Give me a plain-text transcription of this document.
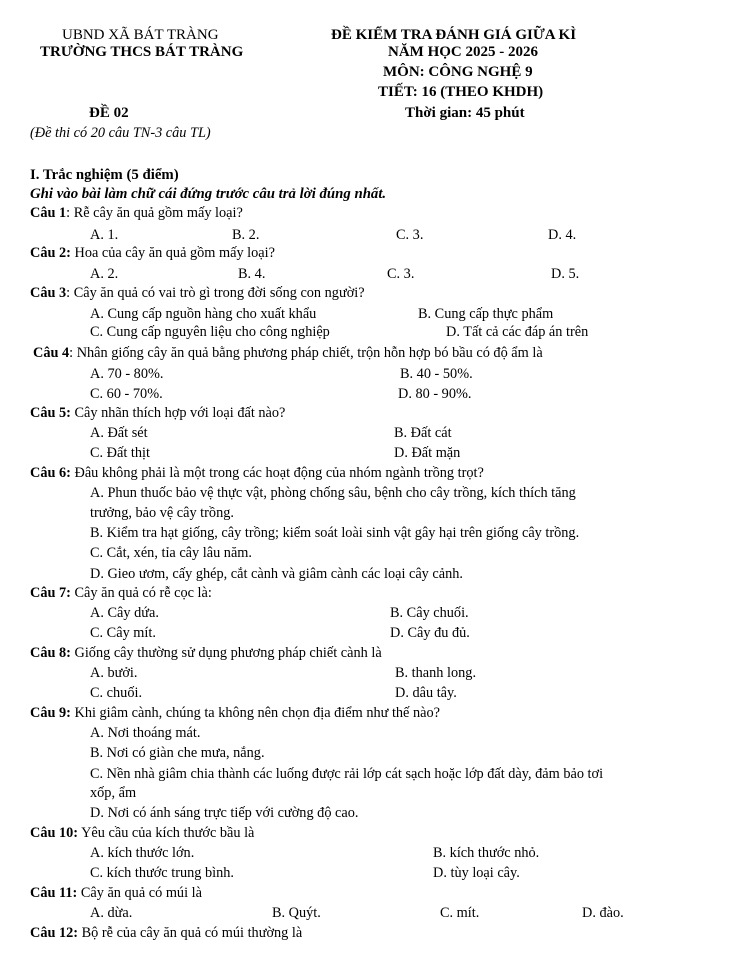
UBND XÃ BÁT TRÀNG
TRƯỜNG THCS BÁT TRÀNG
ĐỀ KIỂM TRA ĐÁNH GIÁ GIỮA KÌ
NĂM HỌC 2025 - 2026
MÔN: CÔNG NGHỆ 9
TIẾT: 16 (THEO KHDH)
ĐỀ 02	Thời gian: 45 phút
(Đề thi có 20 câu TN-3 câu TL)
I. Trắc nghiệm (5 điểm)
Ghi vào bài làm chữ cái đứng trước câu trả lời đúng nhất.
Câu 1: Rễ cây ăn quả gồm mấy loại?
A. 1.	B. 2.	C. 3.	D. 4.
Câu 2: Hoa của cây ăn quả gồm mấy loại?
A. 2.	B. 4.	C. 3.	D. 5.
Câu 3: Cây ăn quả có vai trò gì trong đời sống con người?
A. Cung cấp nguồn hàng cho xuất khẩu	B. Cung cấp thực phẩm
C. Cung cấp nguyên liệu cho công nghiệp	D. Tất cả các đáp án trên
Câu 4: Nhân giống cây ăn quả bằng phương pháp chiết, trộn hỗn hợp bó bầu có độ ẩm là
A. 70 - 80%.	B. 40 - 50%.
C. 60 - 70%.	D. 80 - 90%.
Câu 5: Cây nhãn thích hợp với loại đất nào?
A. Đất sét	B. Đất cát
C. Đất thịt	D. Đất mặn
Câu 6: Đâu không phải là một trong các hoạt động của nhóm ngành trồng trọt?
A. Phun thuốc bảo vệ thực vật, phòng chống sâu, bệnh cho cây trồng, kích thích tăng
trưởng, bảo vệ cây trồng.
B. Kiểm tra hạt giống, cây trồng; kiểm soát loài sinh vật gây hại trên giống cây trồng.
C. Cắt, xén, tỉa cây lâu năm.
D. Gieo ươm, cấy ghép, cắt cành và giâm cành các loại cây cảnh.
Câu 7: Cây ăn quả có rễ cọc là:
A. Cây dứa.	B. Cây chuối.
C. Cây mít.	D. Cây đu đủ.
Câu 8: Giống cây thường sử dụng phương pháp chiết cành là
A. bưởi.	B. thanh long.
C. chuối.	D. dâu tây.
Câu 9: Khi giâm cành, chúng ta không nên chọn địa điểm như thế nào?
A. Nơi thoáng mát.
B. Nơi có giàn che mưa, nắng.
C. Nền nhà giâm chia thành các luống được rải lớp cát sạch hoặc lớp đất dày, đảm bảo tơi
xốp, ẩm
D. Nơi có ánh sáng trực tiếp với cường độ cao.
Câu 10: Yêu cầu của kích thước bầu là
A. kích thước lớn.	B. kích thước nhỏ.
C. kích thước trung bình.	D. tùy loại cây.
Câu 11: Cây ăn quả có múi là
A. dừa.	B. Quýt.	C. mít.	D. đào.
Câu 12: Bộ rễ của cây ăn quả có múi thường là
